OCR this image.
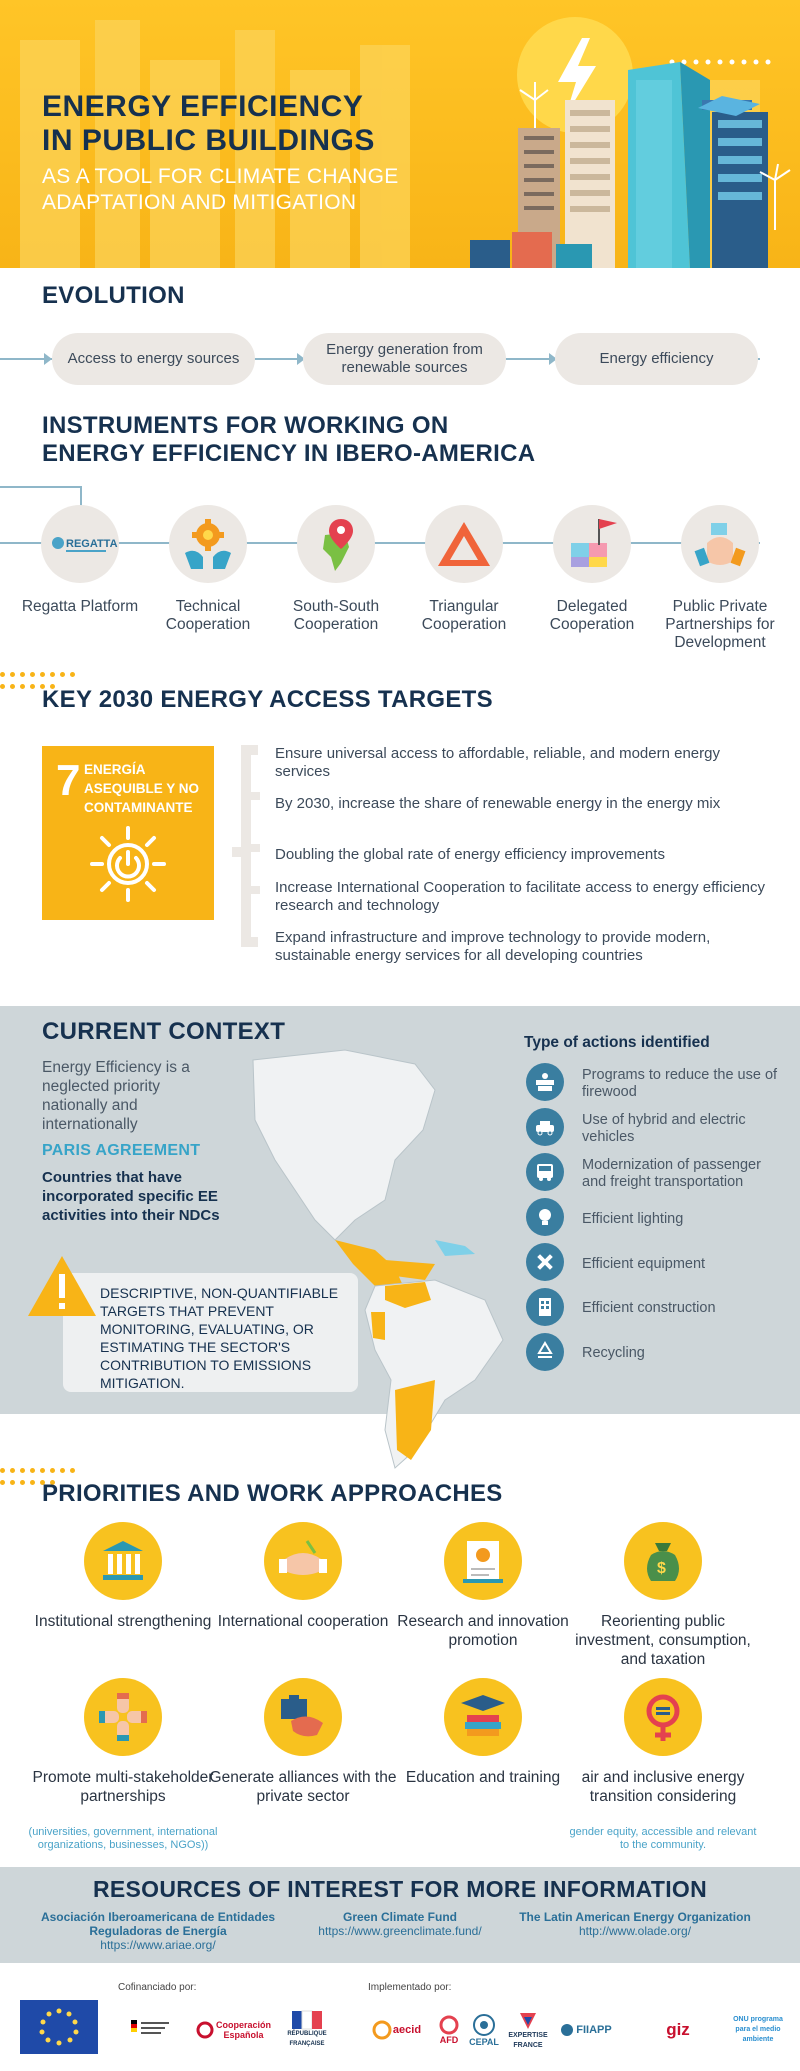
ENERGY EFFICIENCY
IN PUBLIC BUILDINGS
AS A TOOL FOR CLIMATE CHANGE
ADAPTATION AND MITIGATION
EVOLUTION
Access to energy sources
Energy generation from renewable sources
Energy efficiency
INSTRUMENTS FOR WORKING ON
ENERGY EFFICIENCY IN IBERO-AMERICA
REGATTA
Regatta Platform	Technical Cooperation
South-South Cooperation
Triangular Cooperation
Delegated Cooperation
Public Private Partnerships for Development
KEY 2030 ENERGY ACCESS TARGETS
7 ENERGÍA ASEQUIBLE Y NO CONTAMINANTE
Ensure universal access to affordable, reliable, and modern energy services
By 2030, increase the share of renewable energy in the energy mix
Doubling the global rate of energy efficiency improvements
Increase International Cooperation to facilitate access to energy efficiency research and technology
Expand infrastructure and improve technology to provide modern, sustainable energy services for all developing countries
CURRENT CONTEXT
Energy Efficiency is a neglected priority nationally and internationally
PARIS AGREEMENT
Countries that have incorporated specific EE activities into their NDCs
DESCRIPTIVE, NON-QUANTIFIABLE TARGETS THAT PREVENT MONITORING, EVALUATING, OR ESTIMATING THE SECTOR'S CONTRIBUTION TO EMISSIONS MITIGATION.
Type of actions identified
Programs to reduce the use of firewood
Use of hybrid and electric vehicles
Modernization of passenger and freight transportation
Efficient lighting
Efficient equipment
Efficient construction
Recycling
PRIORITIES AND WORK APPROACHES
$
Institutional strengthening International cooperation Research and innovation promotion
Reorienting public investment, consumption, and taxation
Promote multi-stakeholder partnerships
(universities, government, international organizations, businesses, NGOs))
Generate alliances with the private sector
Education and training	air and inclusive energy transition considering
gender equity, accessible and relevant to the community.
RESOURCES OF INTEREST FOR MORE INFORMATION
Asociación Iberoamericana de Entidades Reguladoras de Energía
https://www.ariae.org/
Green Climate Fund
https://www.greenclimate.fund/
The Latin American Energy Organization
http://www.olade.org/
Cofinanciado por:	Implementado por:
Cooperación Española	RÉPUBLIQUE FRANÇAISE
aecid
AFD CEPAL
EXPERTISE FRANCE
FIIAPP	giz
ONU programa para el medio ambiente
